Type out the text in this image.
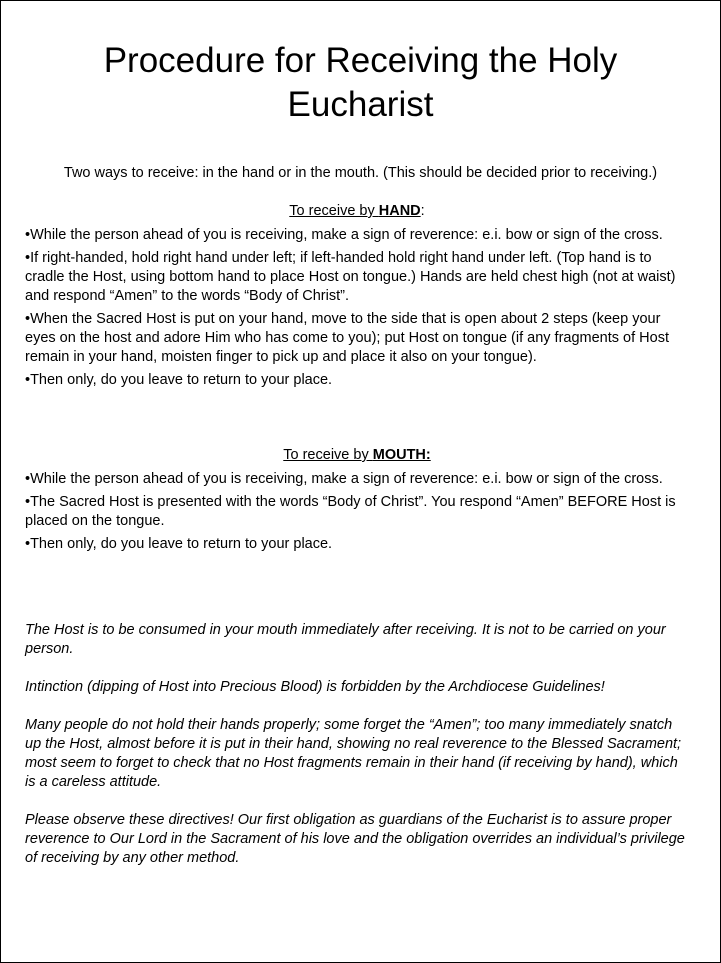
Procedure for Receiving the Holy
Eucharist

Two ways to receive: in the hand or in the mouth. (This should be decided prior to receiving.)

To receive by HAND:

•While the person ahead of you is receiving, make a sign of reverence: e.i. bow or sign of the cross.

•If right-handed, hold right hand under left; if left-handed hold right hand under left. (Top hand is to cradle the Host, using bottom hand to place Host on tongue.) Hands are held chest high (not at waist) and respond “Amen” to the words “Body of Christ”.

•When the Sacred Host is put on your hand, move to the side that is open about 2 steps (keep your eyes on the host and adore Him who has come to you); put Host on tongue (if any fragments of Host remain in your hand, moisten finger to pick up and place it also on your tongue).

•Then only, do you leave to return to your place.

To receive by MOUTH:

•While the person ahead of you is receiving, make a sign of reverence: e.i. bow or sign of the cross.

•The Sacred Host is presented with the words “Body of Christ”. You respond “Amen” BEFORE Host is placed on the tongue.

•Then only, do you leave to return to your place.

The Host is to be consumed in your mouth immediately after receiving. It is not to be carried on your person.

Intinction (dipping of Host into Precious Blood) is forbidden by the Archdiocese Guidelines!

Many people do not hold their hands properly; some forget the “Amen”; too many immediately snatch up the Host, almost before it is put in their hand, showing no real reverence to the Blessed Sacrament; most seem to forget to check that no Host fragments remain in their hand (if receiving by hand), which is a careless attitude.

Please observe these directives! Our first obligation as guardians of the Eucharist is to assure proper reverence to Our Lord in the Sacrament of his love and the obligation overrides an individual’s privilege of receiving by any other method.
